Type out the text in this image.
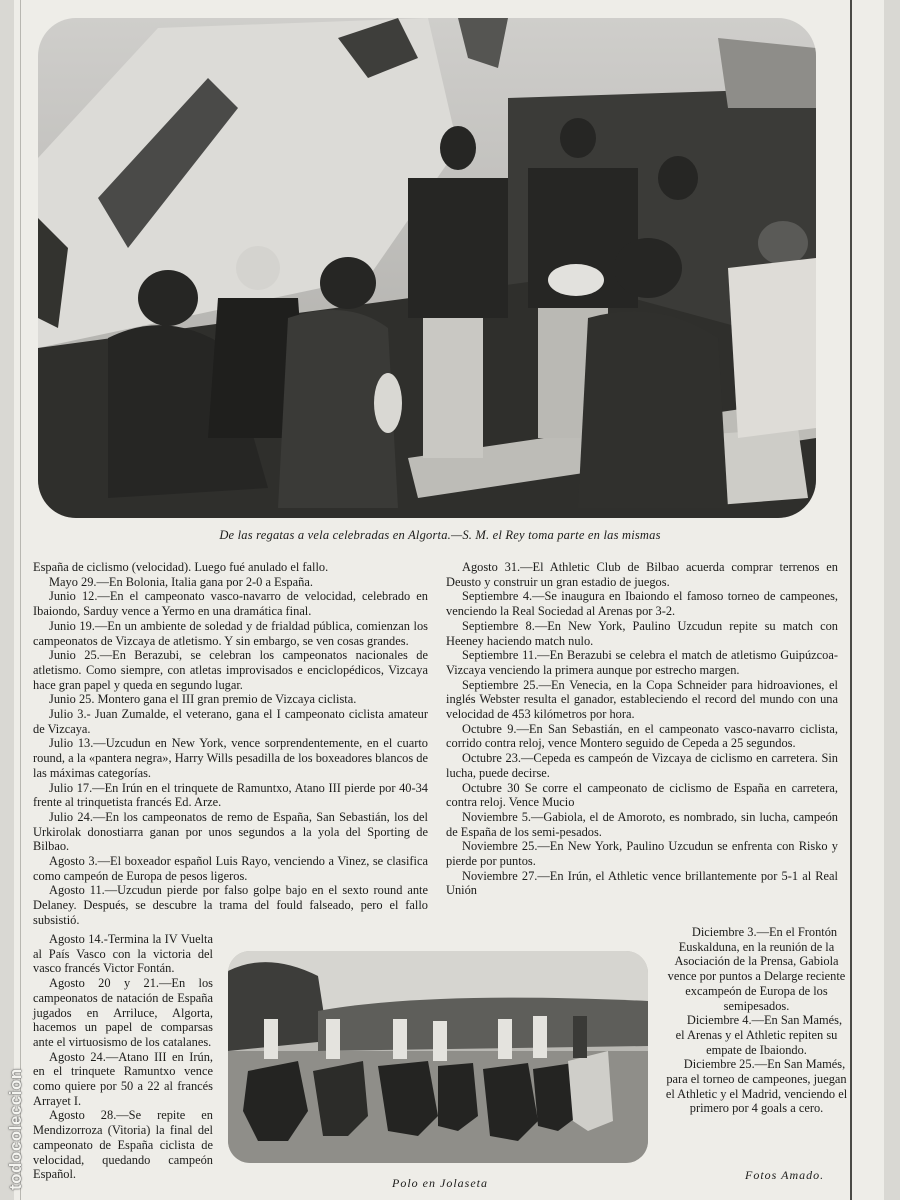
De las regatas a vela celebradas en Algorta.—S. M. el Rey toma parte en las mismas

España de ciclismo (velocidad). Luego fué anulado el fallo.

Mayo 29.—En Bolonia, Italia gana por 2-0 a España.

Junio 12.—En el campeonato vasco-navarro de velocidad, celebrado en Ibaiondo, Sarduy vence a Yermo en una dramática final.

Junio 19.—En un ambiente de soledad y de frialdad pública, comienzan los campeonatos de Vizcaya de atletismo. Y sin embargo, se ven cosas grandes.

Junio 25.—En Berazubi, se celebran los campeonatos nacionales de atletismo. Como siempre, con atletas improvisados e enciclopédicos, Vizcaya hace gran papel y queda en segundo lugar.

Junio 25. Montero gana el III gran premio de Vizcaya ciclista.

Julio 3.- Juan Zumalde, el veterano, gana el I campeonato ciclista amateur de Vizcaya.

Julio 13.—Uzcudun en New York, vence sorprendentemente, en el cuarto round, a la «pantera negra», Harry Wills pesadilla de los boxeadores blancos de las máximas categorías.

Julio 17.—En Irún en el trinquete de Ramuntxo, Atano III pierde por 40-34 frente al trinquetista francés Ed. Arze.

Julio 24.—En los campeonatos de remo de España, San Sebastián, los del Urkirolak donostiarra ganan por unos segundos a la yola del Sporting de Bilbao.

Agosto 3.—El boxeador español Luis Rayo, venciendo a Vinez, se clasifica como campeón de Europa de pesos ligeros.

Agosto 11.—Uzcudun pierde por falso golpe bajo en el sexto round ante Delaney. Después, se descubre la trama del fould falseado, pero el fallo subsistió.

Agosto 14.-Termina la IV Vuelta al País Vasco con la victoria del vasco francés Victor Fontán.

Agosto 20 y 21.—En los campeonatos de natación de España jugados en Arriluce, Algorta, hacemos un papel de comparsas ante el virtuosismo de los catalanes.

Agosto 24.—Atano III en Irún, en el trinquete Ramuntxo vence como quiere por 50 a 22 al francés Arrayet I.

Agosto 28.—Se repite en Mendizorroza (Vitoria) la final del campeonato de España ciclista de velocidad, quedando campeón Español.

Agosto 31.—El Athletic Club de Bilbao acuerda comprar terrenos en Deusto y construir un gran estadio de juegos.

Septiembre 4.—Se inaugura en Ibaiondo el famoso torneo de campeones, venciendo la Real Sociedad al Arenas por 3-2.

Septiembre 8.—En New York, Paulino Uzcudun repite su match con Heeney haciendo match nulo.

Septiembre 11.—En Berazubi se celebra el match de atletismo Guipúzcoa-Vizcaya venciendo la primera aunque por estrecho margen.

Septiembre 25.—En Venecia, en la Copa Schneider para hidroaviones, el inglés Webster resulta el ganador, estableciendo el record del mundo con una velocidad de 453 kilómetros por hora.

Octubre 9.—En San Sebastián, en el campeonato vasco-navarro ciclista, corrido contra reloj, vence Montero seguido de Cepeda a 25 segundos.

Octubre 23.—Cepeda es campeón de Vizcaya de ciclismo en carretera. Sin lucha, puede decirse.

Octubre 30 Se corre el campeonato de ciclismo de España en carretera, contra reloj. Vence Mucio

Noviembre 5.—Gabiola, el de Amoroto, es nombrado, sin lucha, campeón de España de los semi-pesados.

Noviembre 25.—En New York, Paulino Uzcudun se enfrenta con Risko y pierde por puntos.

Noviembre 27.—En Irún, el Athletic vence brillantemente por 5-1 al Real Unión

Diciembre 3.—En el Frontón Euskalduna, en la reunión de la Asociación de la Prensa, Gabiola vence por puntos a Delarge reciente excampeón de Europa de los semipesados.

Diciembre 4.—En San Mamés, el Arenas y el Athletic repiten su empate de Ibaiondo.

Diciembre 25.—En San Mamés, para el torneo de campeones, juegan el Athletic y el Madrid, venciendo el primero por 4 goals a cero.

Polo en Jolaseta
Fotos Amado.
todocoleccion
